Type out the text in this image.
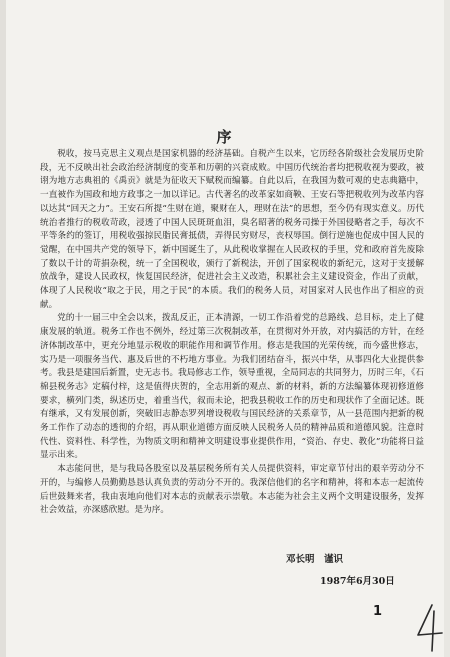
序

税收，按马克思主义观点是国家机器的经济基础。自税产生以来，它历经各阶级社会发展历史阶段，无不反映出社会政治经济制度的变革和历朝的兴衰成败。中国历代统治者均把税收视为要政，被诩为地方志典祖的《禹贡》就是为征收天下赋税而编纂。自此以后，在我国为数可观的史志典籍中，一直被作为国政和地方政事之一加以详记。古代著名的改革家如商鞅、王安石等把税收列为改革内容以达其“回天之力”。王安石所提“生财在道，聚财在人，理财在法”的思想，至今仍有现实意义。历代统治者推行的税收苛政，浸透了中国人民斑斑血泪，臭名昭著的税务司操于外国侵略者之手，每次不平等条约的签订，用税收强掠民脂民膏抵债，弄得民穷财尽，丧权辱国。倒行逆施也促成中国人民的觉醒，在中国共产党的领导下，新中国诞生了，从此税收掌握在人民政权的手里，党和政府首先废除了数以千计的苛捐杂税，统一了全国税收，颁行了新税法，开创了国家税收的新纪元，这对于支援解放战争，建设人民政权，恢复国民经济，促进社会主义改造，积累社会主义建设资金，作出了贡献，体现了人民税收“取之于民，用之于民”的本质。我们的税务人员，对国家对人民也作出了相应的贡献。

党的十一届三中全会以来，拨乱反正，正本清源，一切工作沿着党的总路线、总目标，走上了健康发展的轨道。税务工作也不例外，经过第三次税制改革，在贯彻对外开放，对内搞活的方针，在经济体制改革中，更充分地显示税收的职能作用和调节作用。修志是我国的光荣传统，而今盛世修志，实乃是一项服务当代、惠及后世的不朽地方事业。为我们团结奋斗，振兴中华，从事四化大业提供参考。我县是建国后新置，史无志书。我局修志工作，领导重视，全局同志的共同努力，历时三年，《石棉县税务志》定稿付梓，这是值得庆贺的，全志用新的观点、新的材料，新的方法编纂体现初修道修要求，横列门类，纵述历史，着重当代，叙而未论，把我县税收工作的历史和现状作了全面记述。既有继承，又有发展创新，突破旧志静态罗列增设税收与国民经济的关系章节，从一县范围内把新的税务工作作了动态的透彻的介绍，再从职业道德方面反映人民税务人员的精神品质和道德风貌。注意时代性、资料性、科学性，为物质文明和精神文明建设事业提供作用，“资治、存史、教化”功能将日益显示出来。

本志能问世，是与我局各股室以及基层税务所有关人员提供资料，审定章节付出的艰辛劳动分不开的，与编修人员勤勤恳恳认真负责的劳动分不开的。我深信他们的名字和精神，将和本志一起流传后世鼓舞来者，我由衷地向他们对本志的贡献表示崇敬。本志能为社会主义两个文明建设服务，发挥社会效益，亦深感欣慰。是为序。

邓长明　谨识
1987年6月30日
1
